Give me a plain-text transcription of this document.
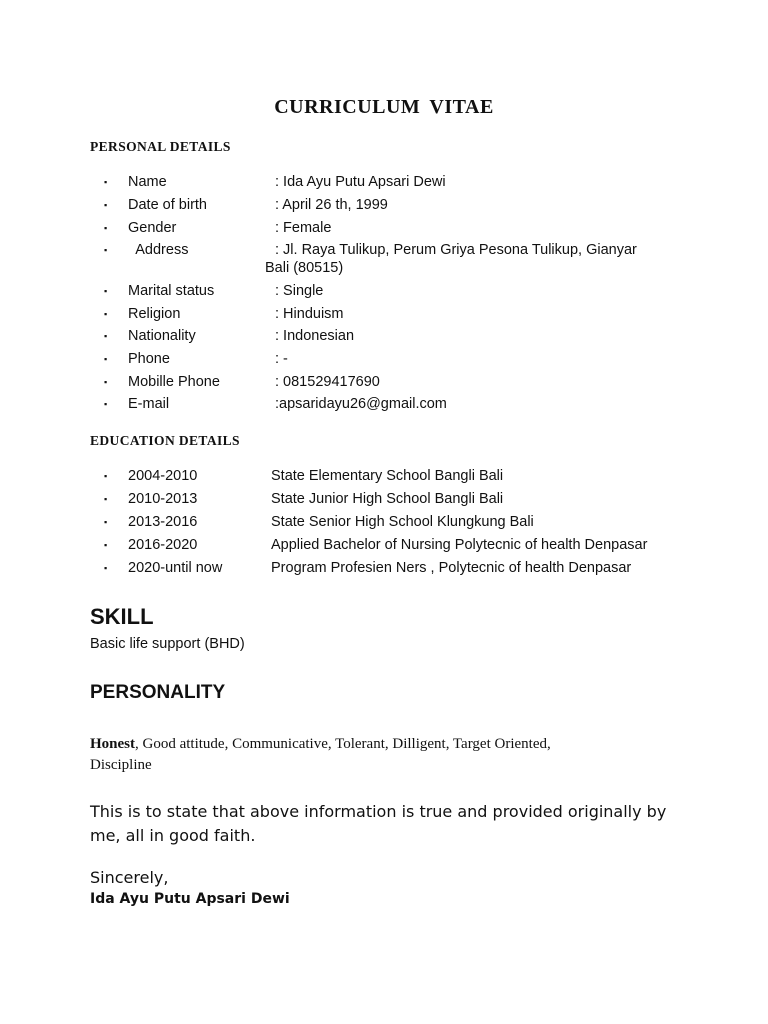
CURRICULUM VITAE
PERSONAL DETAILS
▪ Name	: Ida Ayu Putu Apsari Dewi
▪ Date of birth	: April 26 th, 1999
▪ Gender	: Female
▪ Address	: Jl. Raya Tulikup, Perum Griya Pesona Tulikup, Gianyar
Bali (80515)
▪ Marital status	: Single
▪ Religion	: Hinduism
▪ Nationality	: Indonesian
▪ Phone	: -
▪ Mobille Phone	: 081529417690
▪ E-mail	:apsaridayu26@gmail.com
EDUCATION DETAILS
▪ 2004-2010	State Elementary School Bangli Bali
▪ 2010-2013	State Junior High School Bangli Bali
▪ 2013-2016	State Senior High School Klungkung Bali
▪ 2016-2020	Applied Bachelor of Nursing Polytecnic of health Denpasar
▪ 2020-until now	Program Profesien Ners , Polytecnic of health Denpasar
SKILL
Basic life support (BHD)
PERSONALITY
Honest, Good attitude, Communicative, Tolerant, Dilligent, Target Oriented,
Discipline
This is to state that above information is true and provided originally by
me, all in good faith.
Sincerely,
Ida Ayu Putu Apsari Dewi
